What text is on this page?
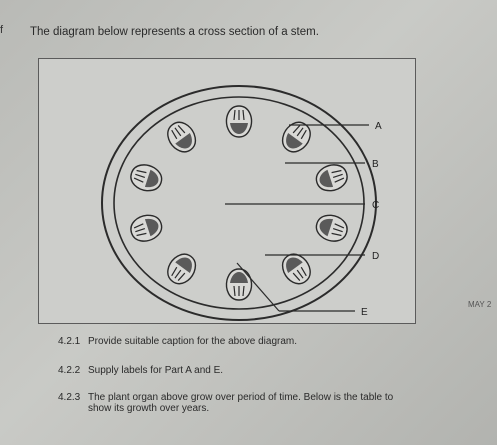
f The diagram below represents a cross section of a stem.
A
B
C
D
E
MAY 2
4.2.1 Provide suitable caption for the above diagram.
4.2.2 Supply labels for Part A and E.
4.2.3 The plant organ above grow over period of time. Below is the table to
show its growth over years.
